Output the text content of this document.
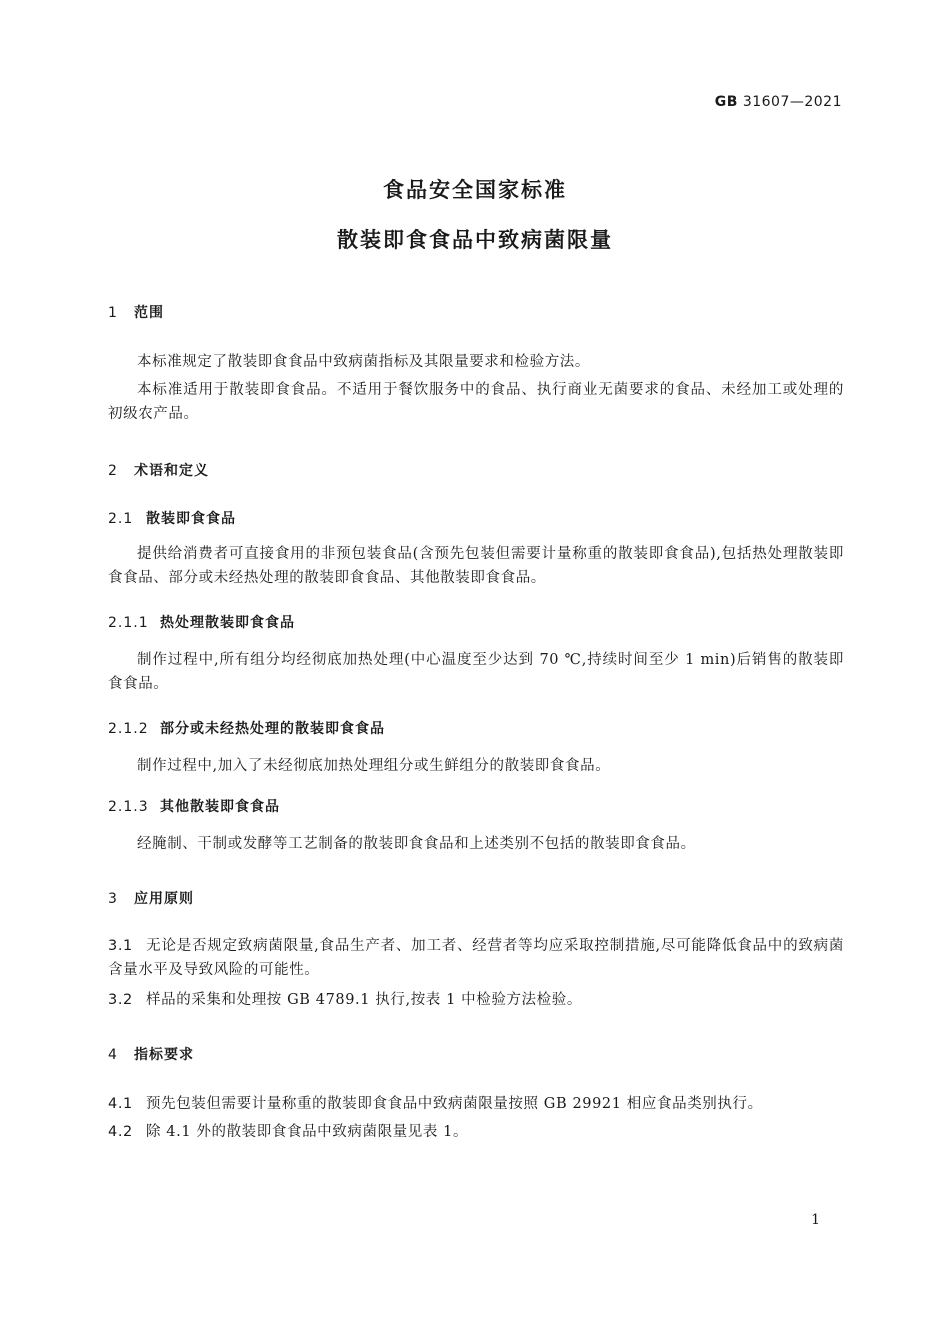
GB 31607—2021
食品安全国家标准
散装即食食品中致病菌限量
1 范围
本标准规定了散装即食食品中致病菌指标及其限量要求和检验方法。
本标准适用于散装即食食品。不适用于餐饮服务中的食品、执行商业无菌要求的食品、未经加工或处理的初级农产品。
2 术语和定义
2.1 散装即食食品
提供给消费者可直接食用的非预包装食品(含预先包装但需要计量称重的散装即食食品),包括热处理散装即食食品、部分或未经热处理的散装即食食品、其他散装即食食品。
2.1.1 热处理散装即食食品
制作过程中,所有组分均经彻底加热处理(中心温度至少达到 70 ℃,持续时间至少 1 min)后销售的散装即食食品。
2.1.2 部分或未经热处理的散装即食食品
制作过程中,加入了未经彻底加热处理组分或生鲜组分的散装即食食品。
2.1.3 其他散装即食食品
经腌制、干制或发酵等工艺制备的散装即食食品和上述类别不包括的散装即食食品。
3 应用原则
3.1 无论是否规定致病菌限量,食品生产者、加工者、经营者等均应采取控制措施,尽可能降低食品中的致病菌含量水平及导致风险的可能性。
3.2 样品的采集和处理按 GB 4789.1 执行,按表 1 中检验方法检验。
4 指标要求
4.1 预先包装但需要计量称重的散装即食食品中致病菌限量按照 GB 29921 相应食品类别执行。
4.2 除 4.1 外的散装即食食品中致病菌限量见表 1。
1
